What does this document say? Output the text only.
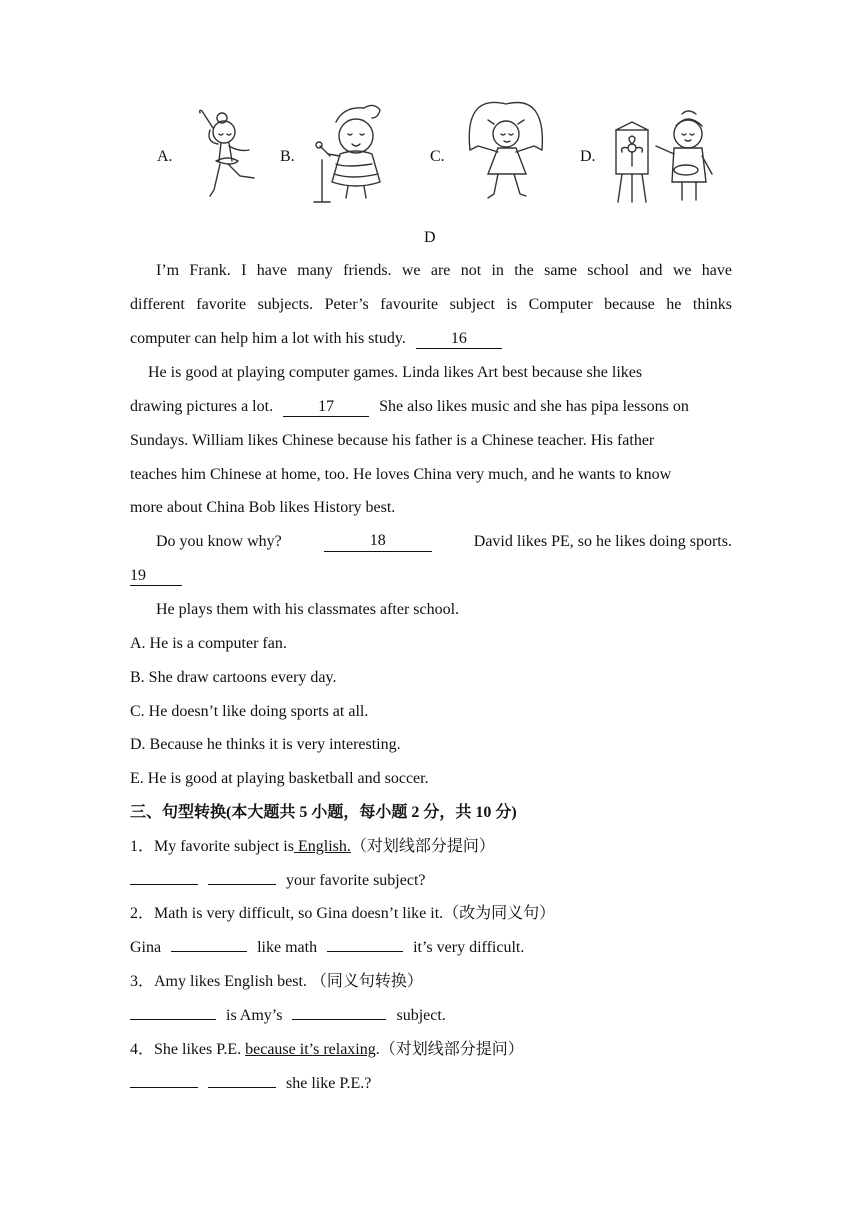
A.	B.	C.	D.
D
I’m Frank. I have many friends. we are not in the same school and we have
different favorite subjects. Peter’s favourite subject is Computer because he thinks
computer can help him a lot with his study.	16
He is good at playing computer games. Linda likes Art best because she likes
drawing pictures a lot.	17	She also likes music and she has pipa lessons on
Sundays. William likes Chinese because his father is a Chinese teacher. His father
teaches him Chinese at home, too. He loves China very much, and he wants to know
more about China Bob likes History best.
Do you know why?	18	David likes PE, so he likes doing sports.
19
He plays them with his classmates after school.
A. He is a computer fan.
B. She draw cartoons every day.
C. He doesn’t like doing sports at all.
D. Because he thinks it is very interesting.
E. He is good at playing basketball and soccer.
三、句型转换(本大题共 5 小题，每小题 2 分，共 10 分)
1．My favorite subject is English.（对划线部分提问）
your favorite subject?
2．Math is very difficult, so Gina doesn’t like it.（改为同义句）
Gina	like math	it’s very difficult.
3．Amy likes English best. （同义句转换）
is Amy’s	subject.
4．She likes P.E. because it’s relaxing.（对划线部分提问）
she like P.E.?
